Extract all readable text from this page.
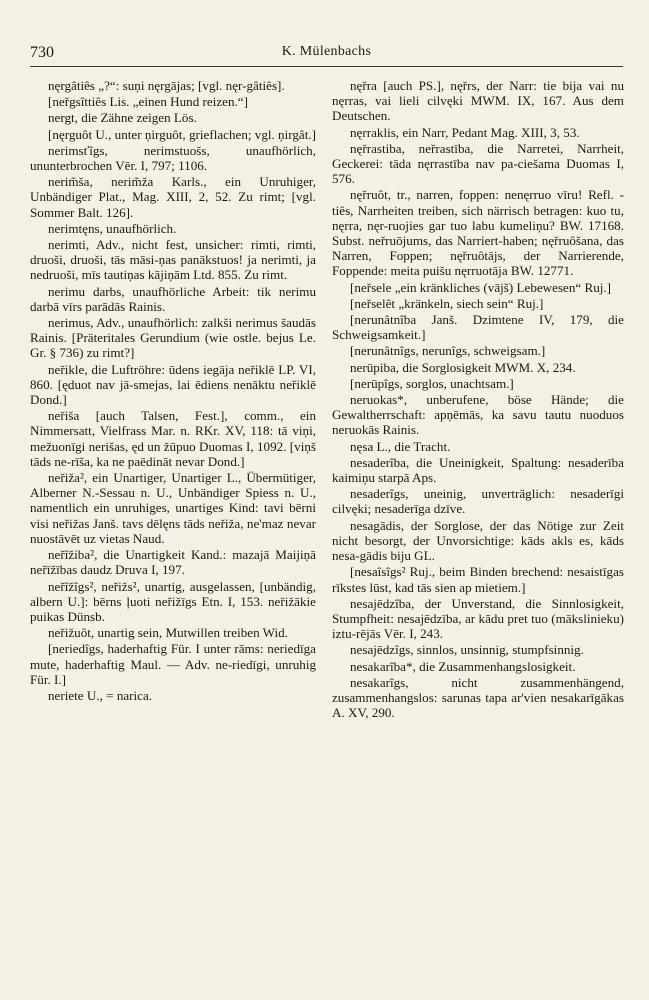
730	K. Mülenbachs

nęrgâtiês „?“: suņi nęrgājas; [vgl. nęr-gâtiês].

[neřgsîttiês Lis. „einen Hund reizen.“]

nergt, die Zähne zeigen Lös.

[nęrguôt U., unter ņirguôt, grieflachen; vgl. ņirgât.]

nerimsťîgs, nerimstuošs, unaufhörlich, ununterbrochen Vēr. I, 797; 1106.

nerim̃ša, nerim̃ža Karls., ein Unruhiger, Unbändiger Plat., Mag. XIII, 2, 52. Zu rimt; [vgl. Sommer Balt. 126].

nerimtęns, unaufhörlich.

nerimti, Adv., nicht fest, unsicher: rimti, rimti, druoši, druoši, tās māsi-ņas panākstuos! ja nerimti, ja nedruoši, mīs tautiņas kājiņām Ltd. 855. Zu rimt.

nerimu darbs, unaufhörliche Arbeit: tik nerimu darbā vīrs parādās Rainis.

nerimus, Adv., unaufhörlich: zalkši nerimus šaudās Rainis. [Präteritales Gerundium (wie ostle. bejus Le. Gr. § 736) zu rimt?]

neřikle, die Luftröhre: ūdens iegāja neřiklē LP. VI, 860. [ęduot nav jā-smejas, lai ēdiens nenāktu neřiklē Dond.]

neřiša [auch Talsen, Fest.], comm., ein Nimmersatt, Vielfrass Mar. n. RKr. XV, 118: tā viņi, mežuonīgi nerišas, ęd un žūpuo Duomas I, 1092. [viņš tāds ne-rīša, ka ne paēdināt nevar Dond.]

neřiža², ein Unartiger, Unartiger L., Übermütiger, Alberner N.-Sessau n. U., Unbändiger Spiess n. U., namentlich ein unruhiges, unartiges Kind: tavi bērni visi neřižas Janš. tavs dēlęns tāds neřiža, ne'maz nevar nuostāvēt uz vietas Naud.

neřîžiba², die Unartigkeit Kand.: mazajā Maijiņā neřīžības daudz Druva I, 197.

neřîžîgs², neřižs², unartig, ausgelassen, [unbändig, albern U.]: bērns ļuoti neřižīgs Etn. I, 153. neřižākie puikas Dünsb.

neřižuôt, unartig sein, Mutwillen treiben Wid.

[neriedîgs, haderhaftig Für. I unter rāms: neriedīga mute, haderhaftig Maul. — Adv. ne-riedīgi, unruhig Für. I.]

neriete U., = narica.

nęřra [auch PS.], nęřrs, der Narr: tie bija vai nu nęrras, vai lieli cilvęki MWM. IX, 167. Aus dem Deutschen.

nęrraklis, ein Narr, Pedant Mag. XIII, 3, 53.

nęřrastiba, neřrastība, die Narretei, Narrheit, Geckerei: tāda nęrrastība nav pa-ciešama Duomas I, 576.

nęřruôt, tr., narren, foppen: nenęrruo vīru! Refl. -tiês, Narrheiten treiben, sich närrisch betragen: kuo tu, nęrra, nęr-ruojies gar tuo labu kumeliņu? BW. 17168. Subst. neřruōjums, das Narriert-haben; nęřruôšana, das Narren, Foppen; nęřruôtājs, der Narrierende, Foppende: meita puišu nęrruotāja BW. 12771.

[neřsele „ein kränkliches (vājš) Lebewesen“ Ruj.]

[neřselêt „kränkeln, siech sein“ Ruj.]

[nerunâtnîba Janš. Dzimtene IV, 179, die Schweigsamkeit.]

[nerunâtnîgs, nerunîgs, schweigsam.]

nerūpiba, die Sorglosigkeit MWM. X, 234.

[nerūpîgs, sorglos, unachtsam.]

neruokas*, unberufene, böse Hände; die Gewaltherrschaft: apņēmās, ka savu tautu nuoduos neruokās Rainis.

nęsa L., die Tracht.

nesaderîba, die Uneinigkeit, Spaltung: nesaderība kaimiņu starpā Aps.

nesaderîgs, uneinig, unverträglich: nesaderīgi cilvęki; nesaderīga dzīve.

nesagādis, der Sorglose, der das Nötige zur Zeit nicht besorgt, der Unvorsichtige: kāds akls es, kāds nesa-gādis biju GL.

[nesaîsîgs² Ruj., beim Binden brechend: nesaistīgas rīkstes lūst, kad tās sien ap mietiem.]

nesajēdzîba, der Unverstand, die Sinnlosigkeit, Stumpfheit: nesajēdzība, ar kādu pret tuo (mākslinieku) iztu-rējās Vēr. I, 243.

nesajēdzîgs, sinnlos, unsinnig, stumpfsinnig.

nesakarîba*, die Zusammenhangslosigkeit.

nesakarîgs, nicht zusammenhängend, zusammenhangslos: sarunas tapa ar'vien nesakarīgākas A. XV, 290.
